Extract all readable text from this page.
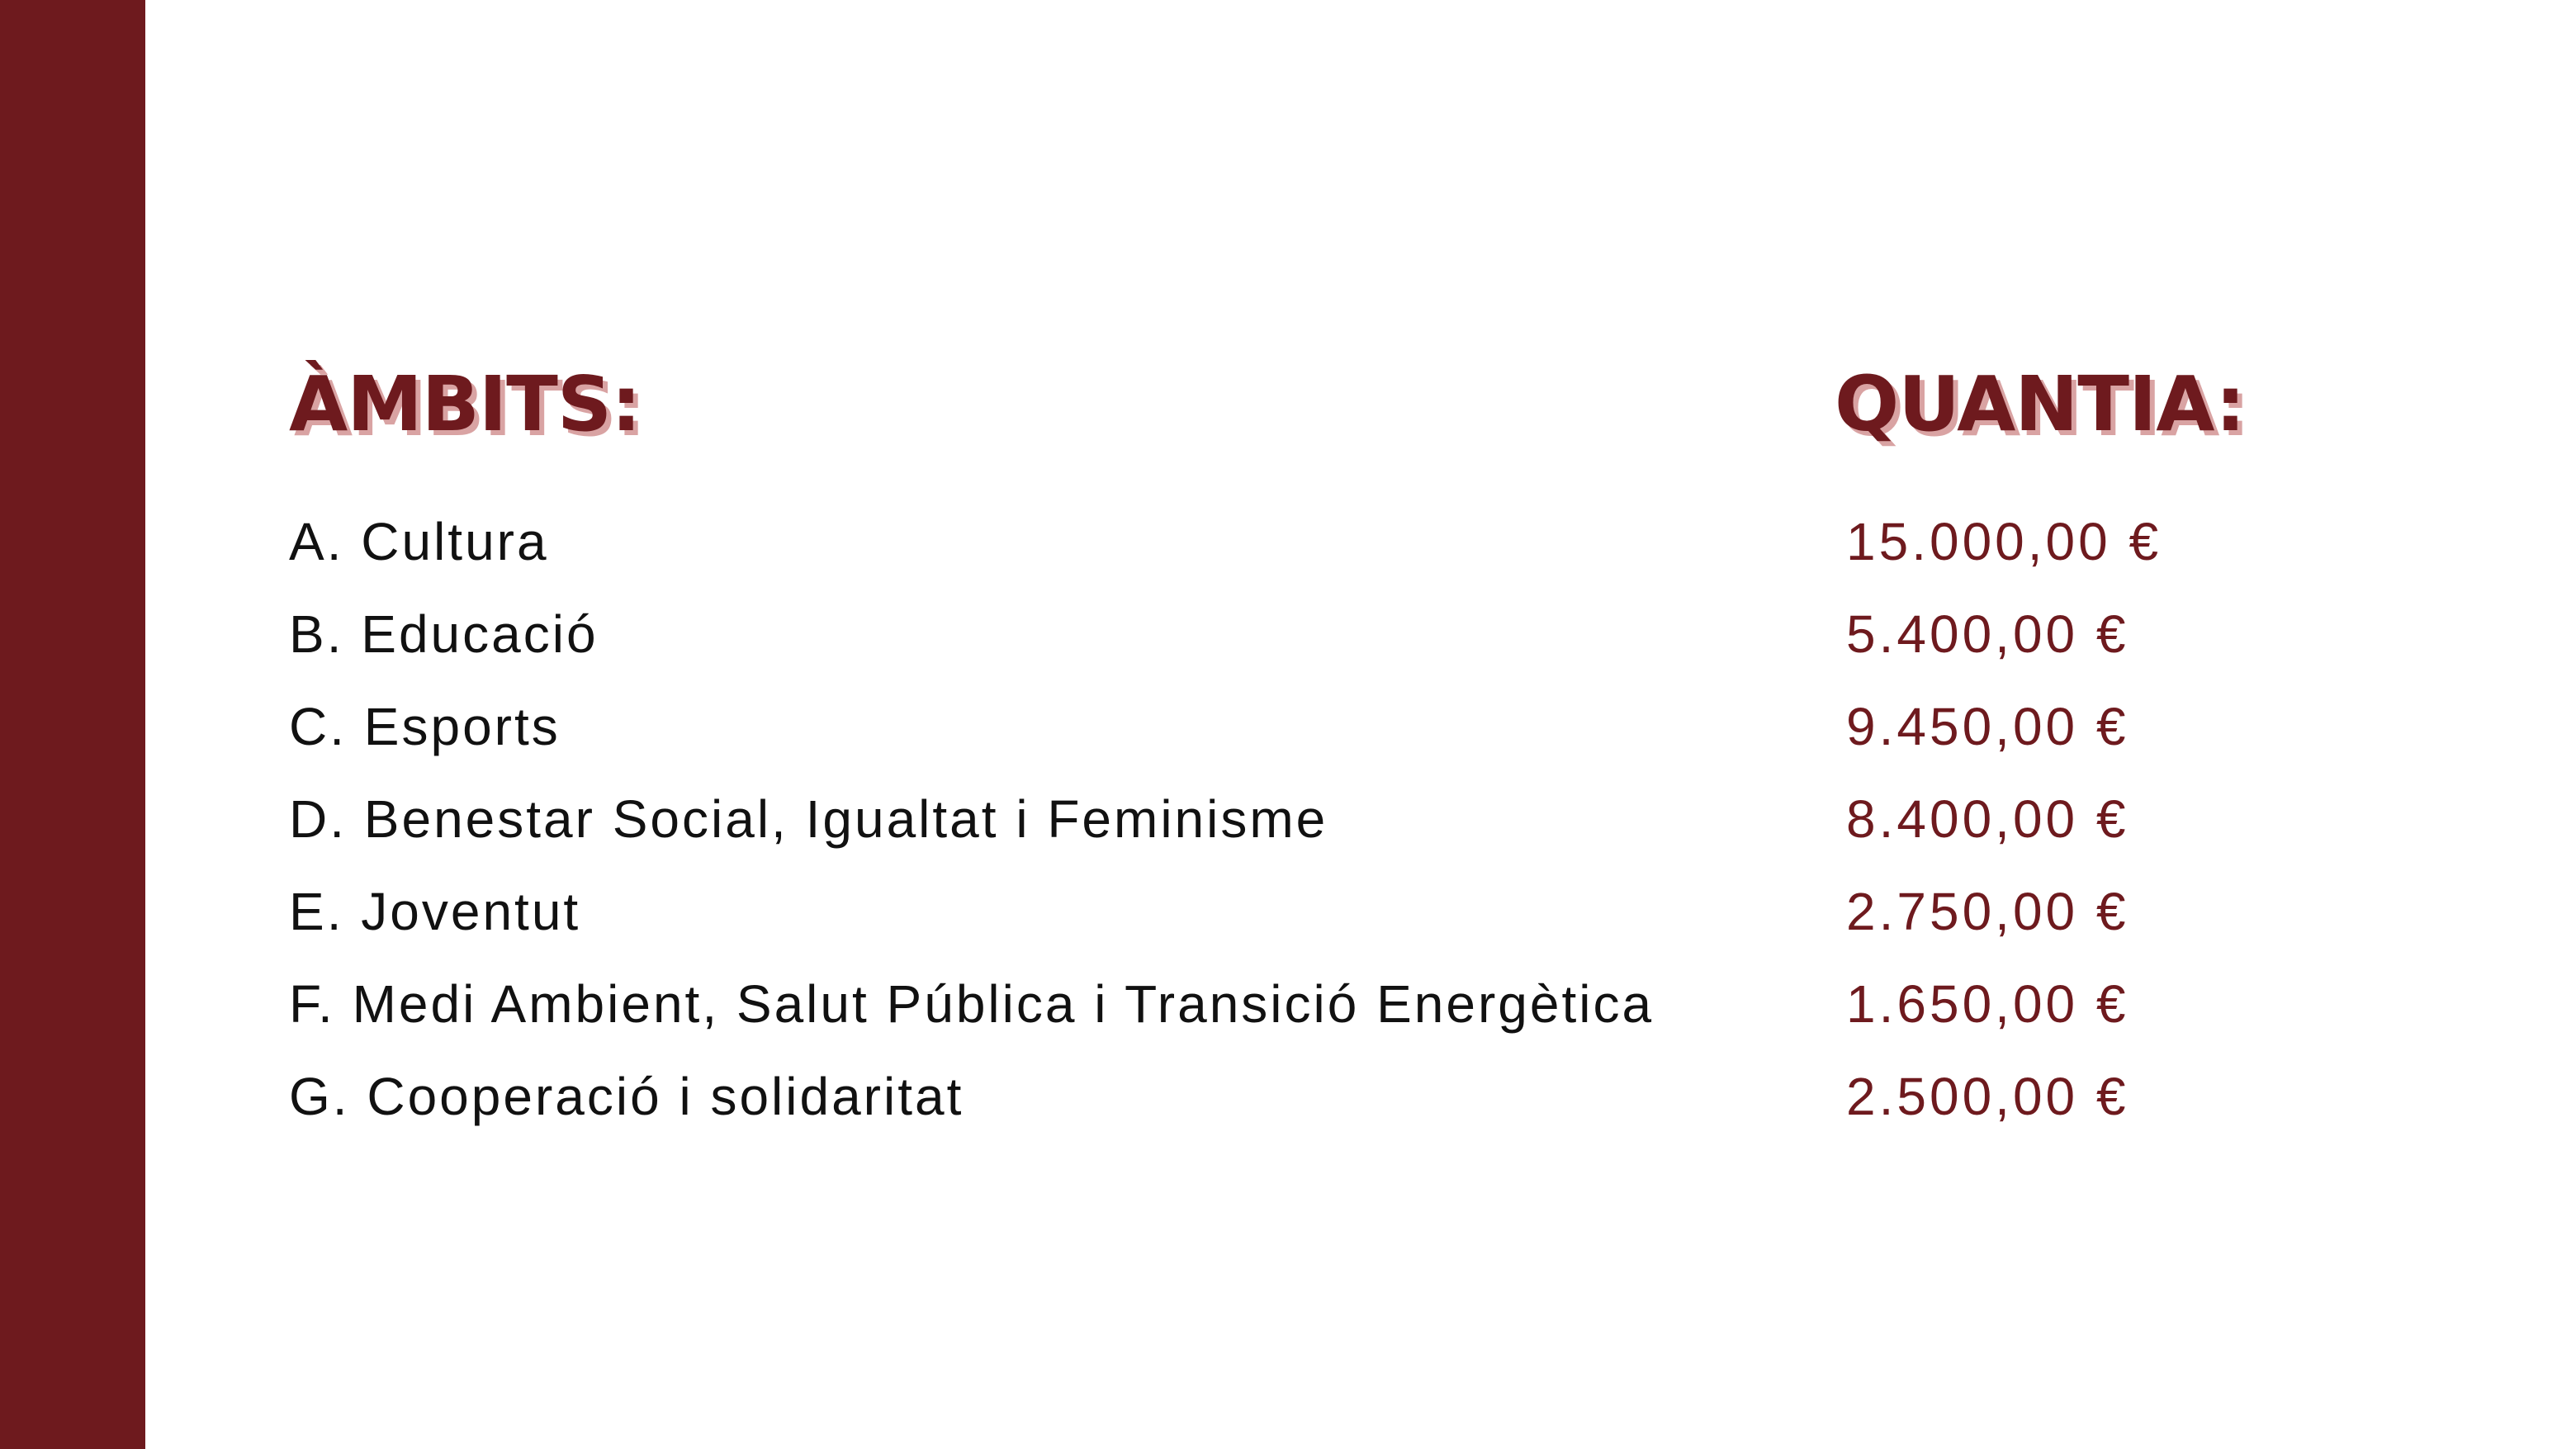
ÀMBITS:	QUANTIA:
A. Cultura	15.000,00 €
B. Educació	5.400,00 €
C. Esports	9.450,00 €
D. Benestar Social, Igualtat i Feminisme	8.400,00 €
E. Joventut	2.750,00 €
F. Medi Ambient, Salut Pública i Transició Energètica	1.650,00 €
G. Cooperació i solidaritat	2.500,00 €
